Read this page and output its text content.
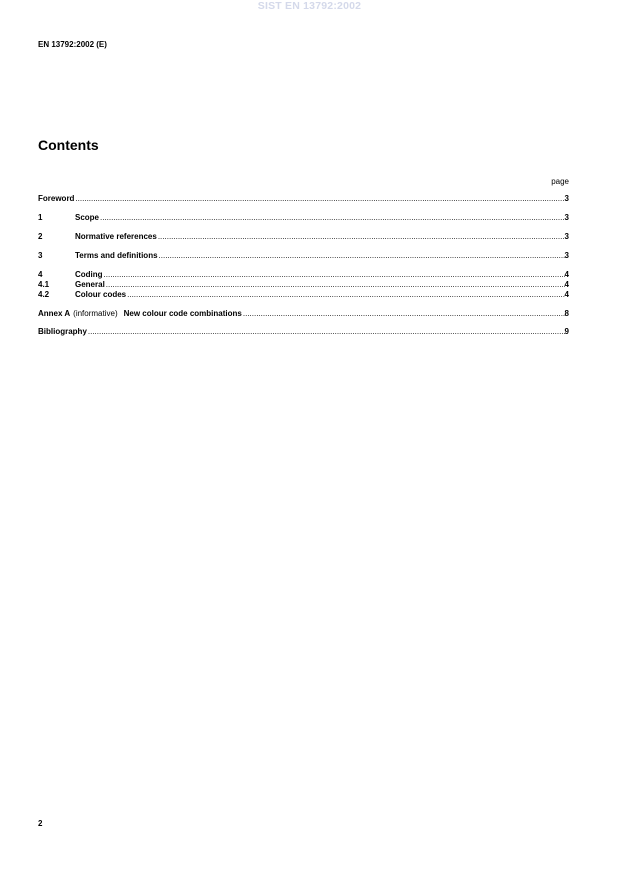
SIST EN 13792:2002
EN 13792:2002 (E)
Contents
page
Foreword .....	3
1	Scope .....	3
2	Normative references .....	3
3	Terms and definitions .....	3
4	Coding .....	4
4.1	General .....	4
4.2	Colour codes .....	4
Annex A (informative) New colour code combinations .....	8
Bibliography .....	9
2
